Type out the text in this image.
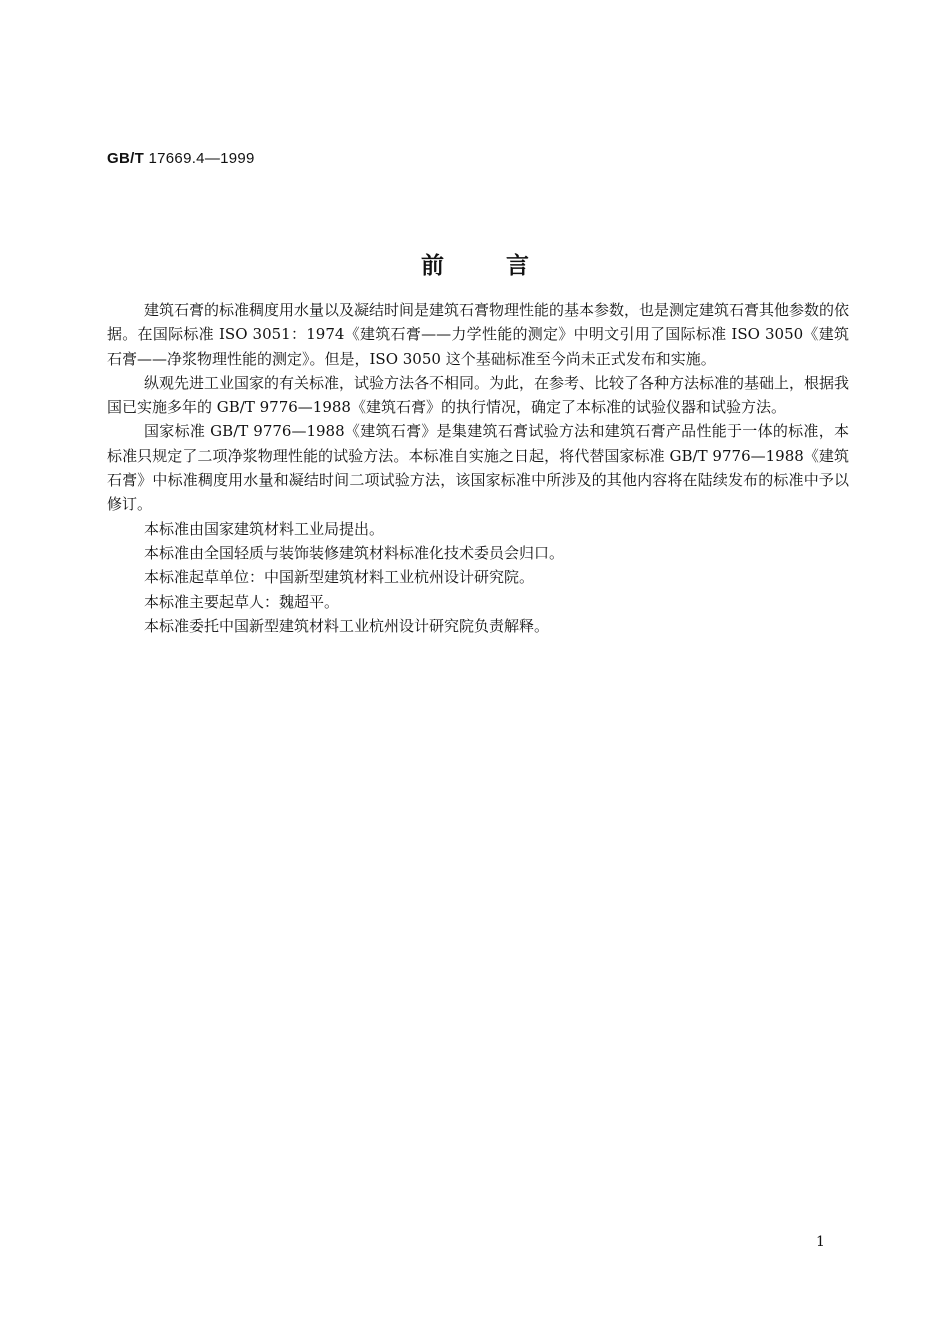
GB/T 17669.4—1999
前言

建筑石膏的标准稠度用水量以及凝结时间是建筑石膏物理性能的基本参数，也是测定建筑石膏其他参数的依据。在国际标准 ISO 3051：1974《建筑石膏——力学性能的测定》中明文引用了国际标准 ISO 3050《建筑石膏——净浆物理性能的测定》。但是，ISO 3050 这个基础标准至今尚未正式发布和实施。

纵观先进工业国家的有关标准，试验方法各不相同。为此，在参考、比较了各种方法标准的基础上，根据我国已实施多年的 GB/T 9776—1988《建筑石膏》的执行情况，确定了本标准的试验仪器和试验方法。

国家标准 GB/T 9776—1988《建筑石膏》是集建筑石膏试验方法和建筑石膏产品性能于一体的标准，本标准只规定了二项净浆物理性能的试验方法。本标准自实施之日起，将代替国家标准 GB/T 9776—1988《建筑石膏》中标准稠度用水量和凝结时间二项试验方法，该国家标准中所涉及的其他内容将在陆续发布的标准中予以修订。

本标准由国家建筑材料工业局提出。

本标准由全国轻质与装饰装修建筑材料标准化技术委员会归口。

本标准起草单位：中国新型建筑材料工业杭州设计研究院。

本标准主要起草人：魏超平。

本标准委托中国新型建筑材料工业杭州设计研究院负责解释。

1
